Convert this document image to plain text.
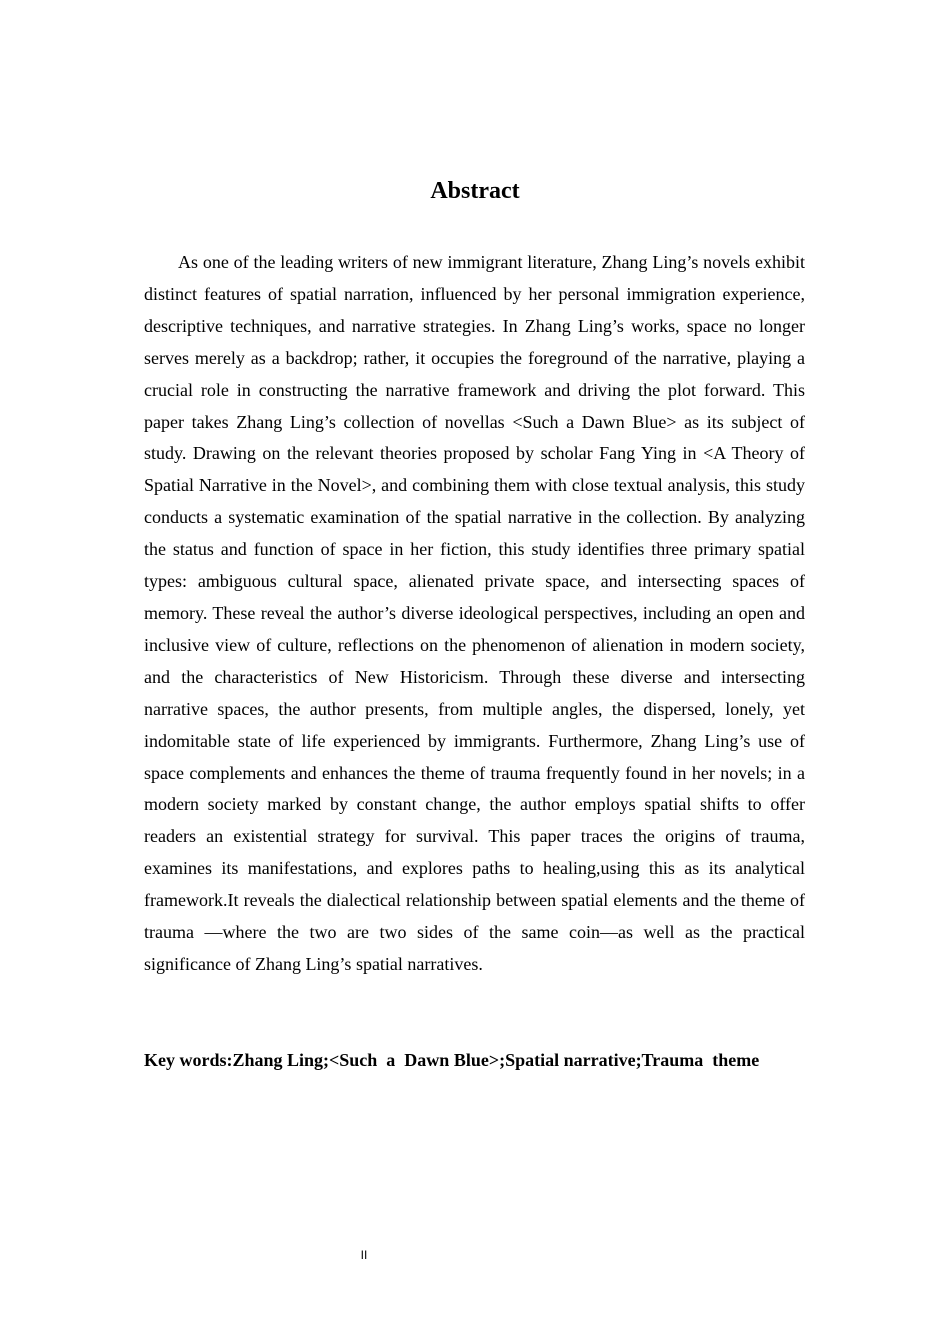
Abstract

As one of the leading writers of new immigrant literature, Zhang Ling’s novels exhibit distinct features of spatial narration, influenced by her personal immigration experience, descriptive techniques, and narrative strategies. In Zhang Ling’s works, space no longer serves merely as a backdrop; rather, it occupies the foreground of the narrative, playing a crucial role in constructing the narrative framework and driving the plot forward. This paper takes Zhang Ling’s collection of novellas <Such a Dawn Blue> as its subject of study. Drawing on the relevant theories proposed by scholar Fang Ying in <A Theory of Spatial Narrative in the Novel>, and combining them with close textual analysis, this study conducts a systematic examination of the spatial narrative in the collection. By analyzing the status and function of space in her fiction, this study identifies three primary spatial types: ambiguous cultural space, alienated private space, and intersecting spaces of memory. These reveal the author’s diverse ideological perspectives, including an open and inclusive view of culture, reflections on the phenomenon of alienation in modern society, and the characteristics of New Historicism. Through these diverse and intersecting narrative spaces, the author presents, from multiple angles, the dispersed, lonely, yet indomitable state of life experienced by immigrants. Furthermore, Zhang Ling’s use of space complements and enhances the theme of trauma frequently found in her novels; in a modern society marked by constant change, the author employs spatial shifts to offer readers an existential strategy for survival. This paper traces the origins of trauma, examines its manifestations, and explores paths to healing,using this as its analytical framework.It reveals the dialectical relationship between spatial elements and the theme of trauma —where the two are two sides of the same coin—as well as the practical significance of Zhang Ling’s spatial narratives.

Key words:Zhang Ling;<Such  a  Dawn Blue>;Spatial narrative;Trauma  theme

II
